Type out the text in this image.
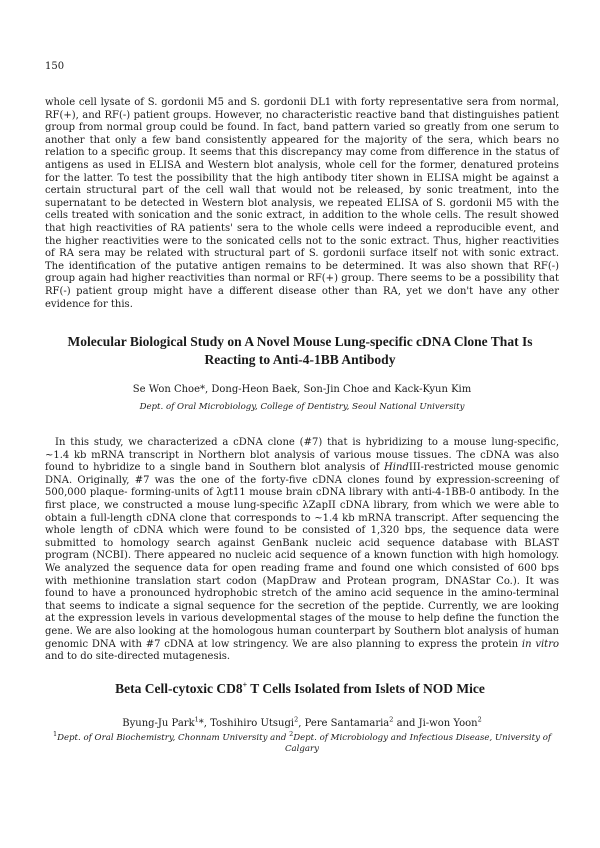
150

whole cell lysate of S. gordonii M5 and S. gordonii DL1 with forty representative sera from normal, RF(+), and RF(-) patient groups. However, no characteristic reactive band that distinguishes patient group from normal group could be found. In fact, band pattern varied so greatly from one serum to another that only a few band consistently appeared for the majority of the sera, which bears no relation to a specific group. It seems that this discrepancy may come from difference in the status of antigens as used in ELISA and Western blot analysis, whole cell for the former, denatured proteins for the latter. To test the possibility that the high antibody titer shown in ELISA might be against a certain structural part of the cell wall that would not be released, by sonic treatment, into the supernatant to be detected in Western blot analysis, we repeated ELISA of S. gordonii M5 with the cells treated with sonication and the sonic extract, in addition to the whole cells. The result showed that high reactivities of RA patients' sera to the whole cells were indeed a reproducible event, and the higher reactivities were to the sonicated cells not to the sonic extract. Thus, higher reactivities of RA sera may be related with structural part of S. gordonii surface itself not with sonic extract. The identification of the putative antigen remains to be determined. It was also shown that RF(-) group again had higher reactivities than normal or RF(+) group. There seems to be a possibility that RF(-) patient group might have a different disease other than RA, yet we don't have any other evidence for this.

Molecular Biological Study on A Novel Mouse Lung-specific cDNA Clone That Is Reacting to Anti-4-1BB Antibody

Se Won Choe*, Dong-Heon Baek, Son-Jin Choe and Kack-Kyun Kim

Dept. of Oral Microbiology, College of Dentistry, Seoul National University

In this study, we characterized a cDNA clone (#7) that is hybridizing to a mouse lung-specific, ~1.4 kb mRNA transcript in Northern blot analysis of various mouse tissues. The cDNA was also found to hybridize to a single band in Southern blot analysis of HindIII-restricted mouse genomic DNA. Originally, #7 was the one of the forty-five cDNA clones found by expression-screening of 500,000 plaque- forming-units of λgt11 mouse brain cDNA library with anti-4-1BB-0 antibody. In the first place, we constructed a mouse lung-specific λZapII cDNA library, from which we were able to obtain a full-length cDNA clone that corresponds to ~1.4 kb mRNA transcript. After sequencing the whole length of cDNA which were found to be consisted of 1,320 bps, the sequence data were submitted to homology search against GenBank nucleic acid sequence database with BLAST program (NCBI). There appeared no nucleic acid sequence of a known function with high homology. We analyzed the sequence data for open reading frame and found one which consisted of 600 bps with methionine translation start codon (MapDraw and Protean program, DNAStar Co.). It was found to have a pronounced hydrophobic stretch of the amino acid sequence in the amino-terminal that seems to indicate a signal sequence for the secretion of the peptide. Currently, we are looking at the expression levels in various developmental stages of the mouse to help define the function the gene. We are also looking at the homologous human counterpart by Southern blot analysis of human genomic DNA with #7 cDNA at low stringency. We are also planning to express the protein in vitro and to do site-directed mutagenesis.

Beta Cell-cytoxic CD8+ T Cells Isolated from Islets of NOD Mice

Byung-Ju Park$^1$*, Toshihiro Utsugi$^2$, Pere Santamaria$^2$ and Ji-won Yoon$^2$

$^1$Dept. of Oral Biochemistry, Chonnam University and $^2$Dept. of Microbiology and Infectious Disease, University of Calgary
